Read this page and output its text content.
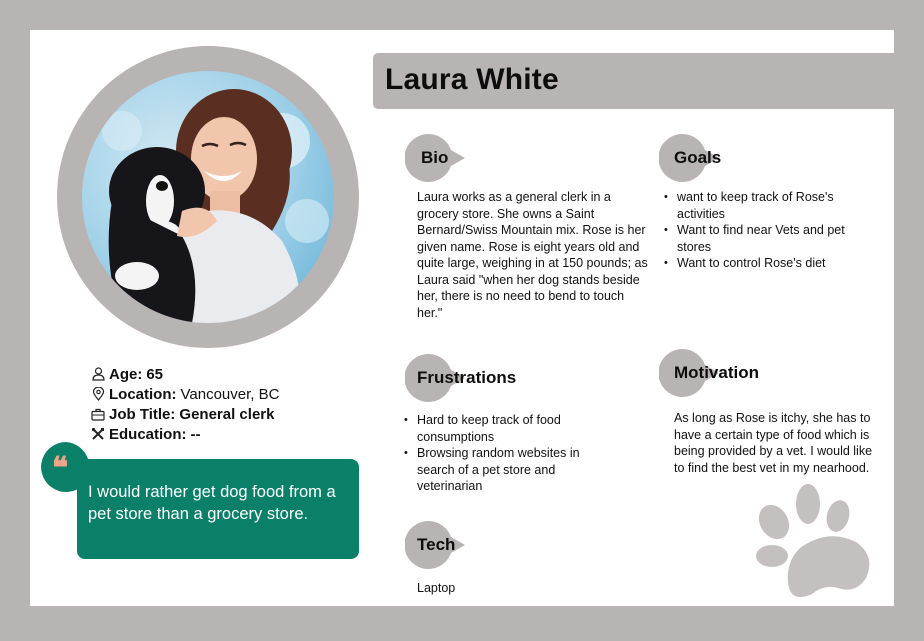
Laura White
Age: 65
Location: Vancouver, BC
Job Title: General clerk
Education: --
I would rather get dog food from a pet store than a grocery store.
❝
Bio
Laura works as a general clerk in a grocery store. She owns a Saint Bernard/Swiss Mountain mix. Rose is her given name. Rose is eight years old and quite large, weighing in at 150 pounds; as Laura said "when her dog stands beside her, there is no need to bend to touch her."
Goals
• want to keep track of Rose's activities
• Want to find near Vets and pet stores
• Want to control Rose's diet
Frustrations
• Hard to keep track of food consumptions
• Browsing random websites in search of a pet store and veterinarian
Motivation
As long as Rose is itchy, she has to have a certain type of food which is being provided by a vet. I would like to find the best vet in my nearhood.
Tech
Laptop
